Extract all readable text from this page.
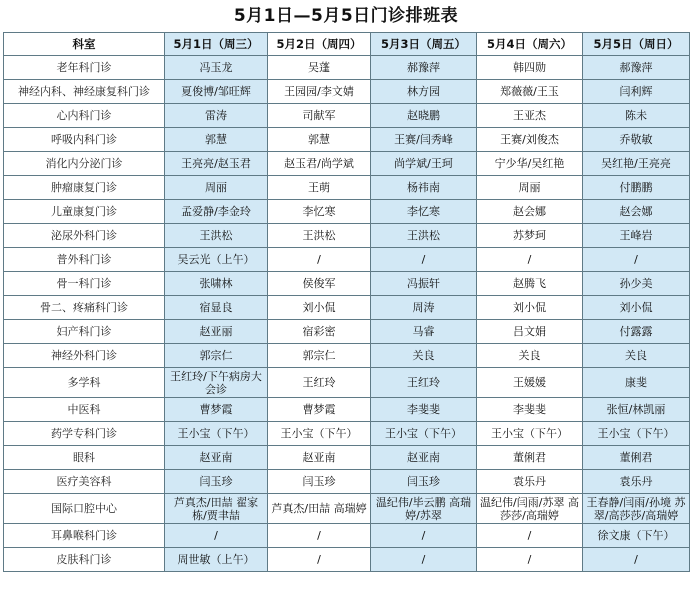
5月1日—5月5日门诊排班表
科室	5月1日（周三）	5月2日（周四）	5月3日（周五）	5月4日（周六）	5月5日（周日）
老年科门诊	冯玉龙	吴蓬	郝豫萍	韩四勋	郝豫萍
神经内科、神经康复科门诊	夏俊博/邹旺辉	王园园/李文婧	林方园	郑薇薇/王玉	闫利辉
心内科门诊	雷涛	司献军	赵晓鹏	王亚杰	陈未
呼吸内科门诊	郭慧	郭慧	王赛/闫秀峰	王赛/刘俊杰	乔敬敏
消化内分泌门诊	王亮亮/赵玉君	赵玉君/尚学斌	尚学斌/王珂	宁少华/吴红艳	吴红艳/王亮亮
肿瘤康复门诊	周丽	王萌	杨祎南	周丽	付鹏鹏
儿童康复门诊	孟爱静/李金玲	李忆寒	李忆寒	赵会娜	赵会娜
泌尿外科门诊	王洪松	王洪松	王洪松	苏梦珂	王峰岩
普外科门诊	吴云光（上午）	/	/	/	/
骨一科门诊	张啸林	侯俊军	冯振轩	赵腾飞	孙少美
骨二、疼痛科门诊	宿显良	刘小侃	周涛	刘小侃	刘小侃
妇产科门诊	赵亚丽	宿彩密	马睿	吕文娟	付露露
神经外科门诊	郭宗仁	郭宗仁	关良	关良	关良
多学科	王红玲/下午病房大会诊	王红玲	王红玲	王媛媛	康斐
中医科	曹梦霞	曹梦霞	李斐斐	李斐斐	张恒/林凯丽
药学专科门诊	王小宝（下午）	王小宝（下午）	王小宝（下午）	王小宝（下午）	王小宝（下午）
眼科	赵亚南	赵亚南	赵亚南	董俐君	董俐君
医疗美容科	闫玉珍	闫玉珍	闫玉珍	袁乐丹	袁乐丹
国际口腔中心	芦真杰/田喆 翟家栋/贾聿喆	芦真杰/田喆 高瑞婷	温纪伟/毕云鹏 高瑞婷/苏翠	温纪伟/闫雨/苏翠 高莎莎/高瑞婷	王春静/闫雨/孙境 苏翠/高莎莎/高瑞婷
耳鼻喉科门诊	/	/	/	/	徐文康（下午）
皮肤科门诊	周世敏（上午）	/	/	/	/
